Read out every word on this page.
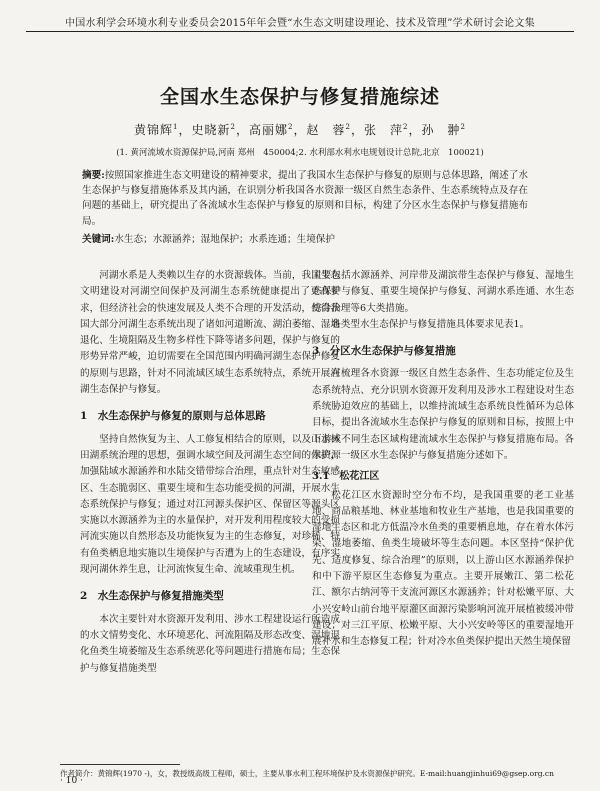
中国水利学会环境水利专业委员会2015年年会暨“水生态文明建设理论、技术及管理”学术研讨会论文集
全国水生态保护与修复措施综述
黄锦辉$^1$，史晓新$^2$，高丽娜$^2$，赵　蓉$^2$，张　萍$^2$，孙　翀$^2$
(1. 黄河流域水资源保护局,河南 郑州　450004;2. 水利部水利水电规划设计总院,北京　100021)
摘要:按照国家推进生态文明建设的精神要求，提出了我国水生态保护与修复的原则与总体思路，阐述了水生态保护与修复措施体系及其内涵，在识别分析我国各水资源一级区自然生态条件、生态系统特点及存在问题的基础上，研究提出了各流域水生态保护与修复的原则和目标，构建了分区水生态保护与修复措施布局。
关键词:水生态；水源涵养；湿地保护；水系连通；生境保护

河湖水系是人类赖以生存的水资源载体。当前，我国生态文明建设对河湖空间保护及河湖生态系统健康提出了更高要求，但经济社会的快速发展及人类不合理的开发活动，使得我国大部分河湖生态系统出现了诸如河道断流、湖泊萎缩、湿地退化、生境阻隔及生物多样性下降等诸多问题，保护与修复的形势异常严峻，迫切需要在全国范围内明确河湖生态保护修复的原则与思路，针对不同流域区域生态系统特点，系统开展河湖生态保护与修复。

1　水生态保护与修复的原则与总体思路

坚持自然恢复为主、人工修复相结合的原则，以及山水林田湖系统治理的思想，强调水域空间及河湖生态空间的保护，加强陆域水源涵养和水陆交错带综合治理，重点针对生态敏感区、生态脆弱区、重要生境和生态功能受损的河湖，开展水生态系统保护与修复；通过对江河源头保护区、保留区等源头区实施以水源涵养为主的水量保护，对开发利用程度较大的受损河流实施以自然形态及功能恢复为主的生态修复，对珍稀、特有鱼类栖息地实施以生境保护与否遭为上的生态建设，有序实现河湖休养生息，让河流恢复生命、流域重现生机。

2　水生态保护与修复措施类型

本次主要针对水资源开发利用、涉水工程建设运行所造成的水文情势变化、水环境恶化、河流阻隔及形态改变、湿地退化鱼类生境萎缩及生态系统恶化等问题进行措施布局；生态保护与修复措施类型

主要包括水源涵养、河岸带及湖滨带生态保护与修复、湿地生态保护与修复、重要生境保护与修复、河湖水系连通、水生态综合治理等6大类措施。

各类型水生态保护与修复措施具体要求见表1。

3　分区水生态保护与修复措施

在梳理各水资源一级区自然生态条件、生态功能定位及生态系统特点、充分识别水资源开发利用及涉水工程建设对生态系统胁迫效应的基础上，以维持流域生态系统良性循环为总体目标，提出各流域水生态保护与修复的原则和目标，按照上中下游或不同生态区域构建流域水生态保护与修复措施布局。各水资源一级区水生态保护与修复措施分述如下。

3.1　松花江区

松花江区水资源时空分布不均，是我国重要的老工业基地、商品粮基地、林业基地和牧业生产基地，也是我国重要的湿地生态区和北方低温冷水鱼类的重要栖息地，存在着水体污染、湿地萎缩、鱼类生境破坏等生态问题。本区坚持“保护优先、适度修复、综合治理”的原则，以上游山区水源涵养保护和中下游平原区生态修复为重点。主要开展嫩江、第二松花江、额尔古纳河等干支流河源区水源涵养；针对松嫩平原、大小兴安岭山前台地平原灌区面源污染影响河流开展植被缓冲带建设；对三江平原、松嫩平原、大小兴安岭等区的重要湿地开展补水和生态修复工程；针对冷水鱼类保护提出天然生境保留

作者简介：黄锦辉(1970 -)，女，教授级高级工程师，硕士，主要从事水利工程环境保护及水资源保护研究。E-mail:huangjinhui69@gsep.org.cn
· 10 ·
